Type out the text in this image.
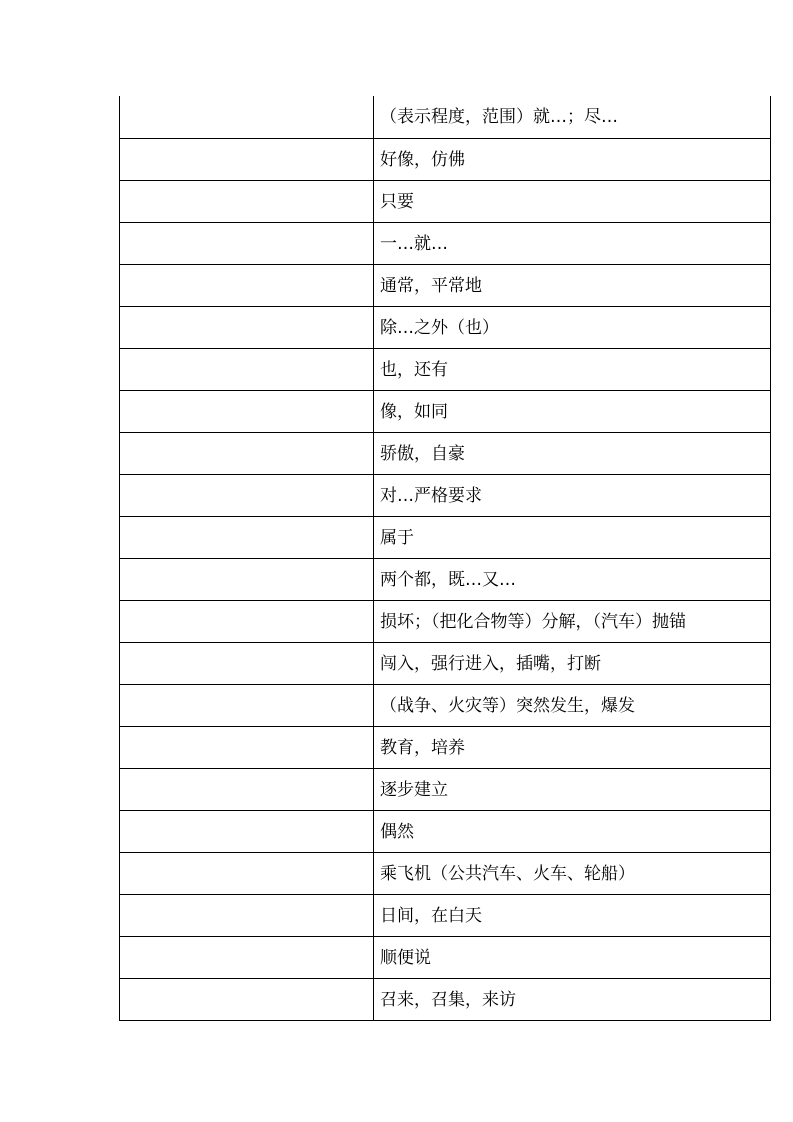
	（表示程度，范围）就…；尽…
	好像，仿佛
	只要
	一…就…
	通常，平常地
	除…之外（也）
	也，还有
	像，如同
	骄傲，自豪
	对…严格要求
	属于
	两个都，既…又…
	损坏；（把化合物等）分解，（汽车）抛锚
	闯入，强行进入，插嘴，打断
	（战争、火灾等）突然发生，爆发
	教育，培养
	逐步建立
	偶然
	乘飞机（公共汽车、火车、轮船）
	日间，在白天
	顺便说
	召来，召集，来访
